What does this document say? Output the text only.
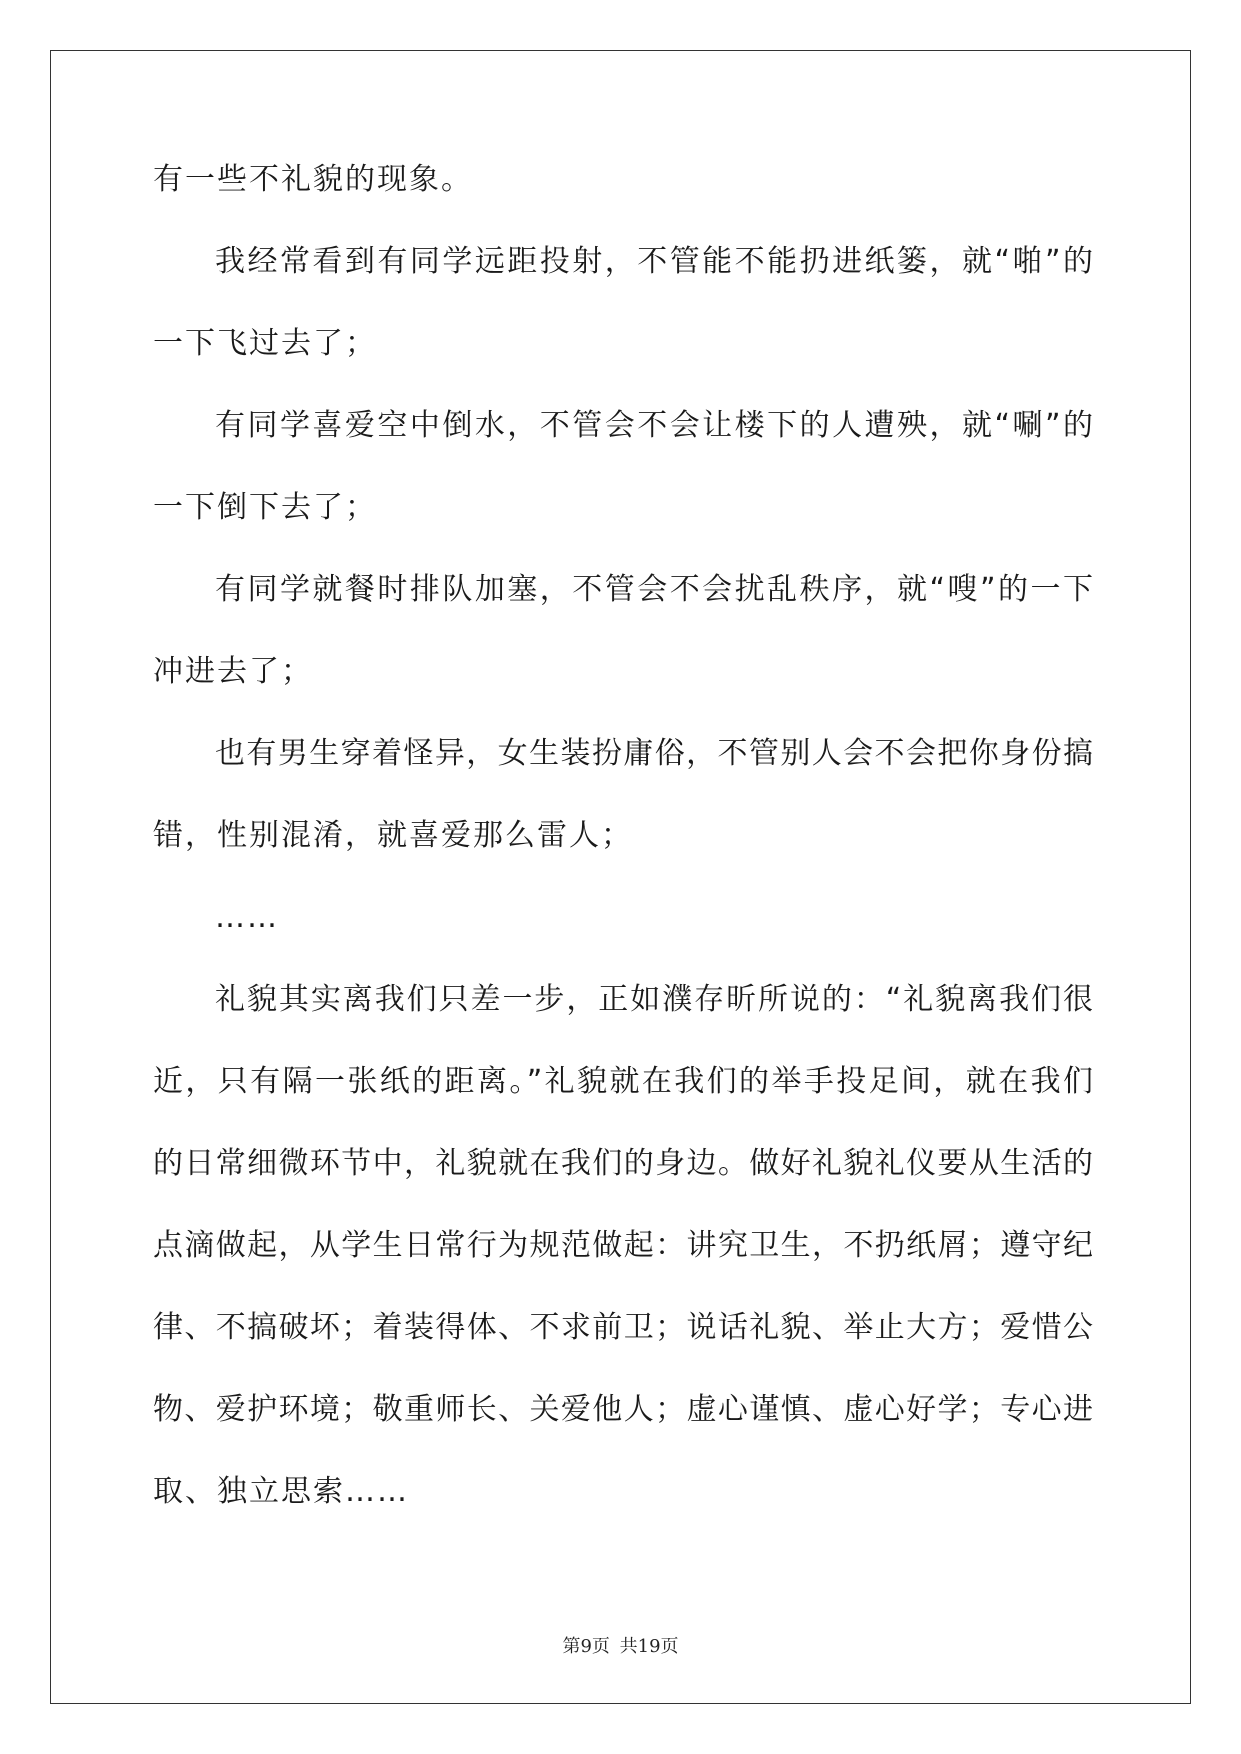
有一些不礼貌的现象。
我经常看到有同学远距投射，不管能不能扔进纸篓，就“啪”的
一下飞过去了；
有同学喜爱空中倒水，不管会不会让楼下的人遭殃，就“唰”的
一下倒下去了；
有同学就餐时排队加塞，不管会不会扰乱秩序，就“嗖”的一下
冲进去了；
也有男生穿着怪异，女生装扮庸俗，不管别人会不会把你身份搞
错，性别混淆，就喜爱那么雷人；
……
礼貌其实离我们只差一步，正如濮存昕所说的：“礼貌离我们很
近，只有隔一张纸的距离。”礼貌就在我们的举手投足间，就在我们
的日常细微环节中，礼貌就在我们的身边。做好礼貌礼仪要从生活的
点滴做起，从学生日常行为规范做起：讲究卫生，不扔纸屑；遵守纪
律、不搞破坏；着装得体、不求前卫；说话礼貌、举止大方；爱惜公
物、爱护环境；敬重师长、关爱他人；虚心谨慎、虚心好学；专心进
取、独立思索……
第9页 共19页
